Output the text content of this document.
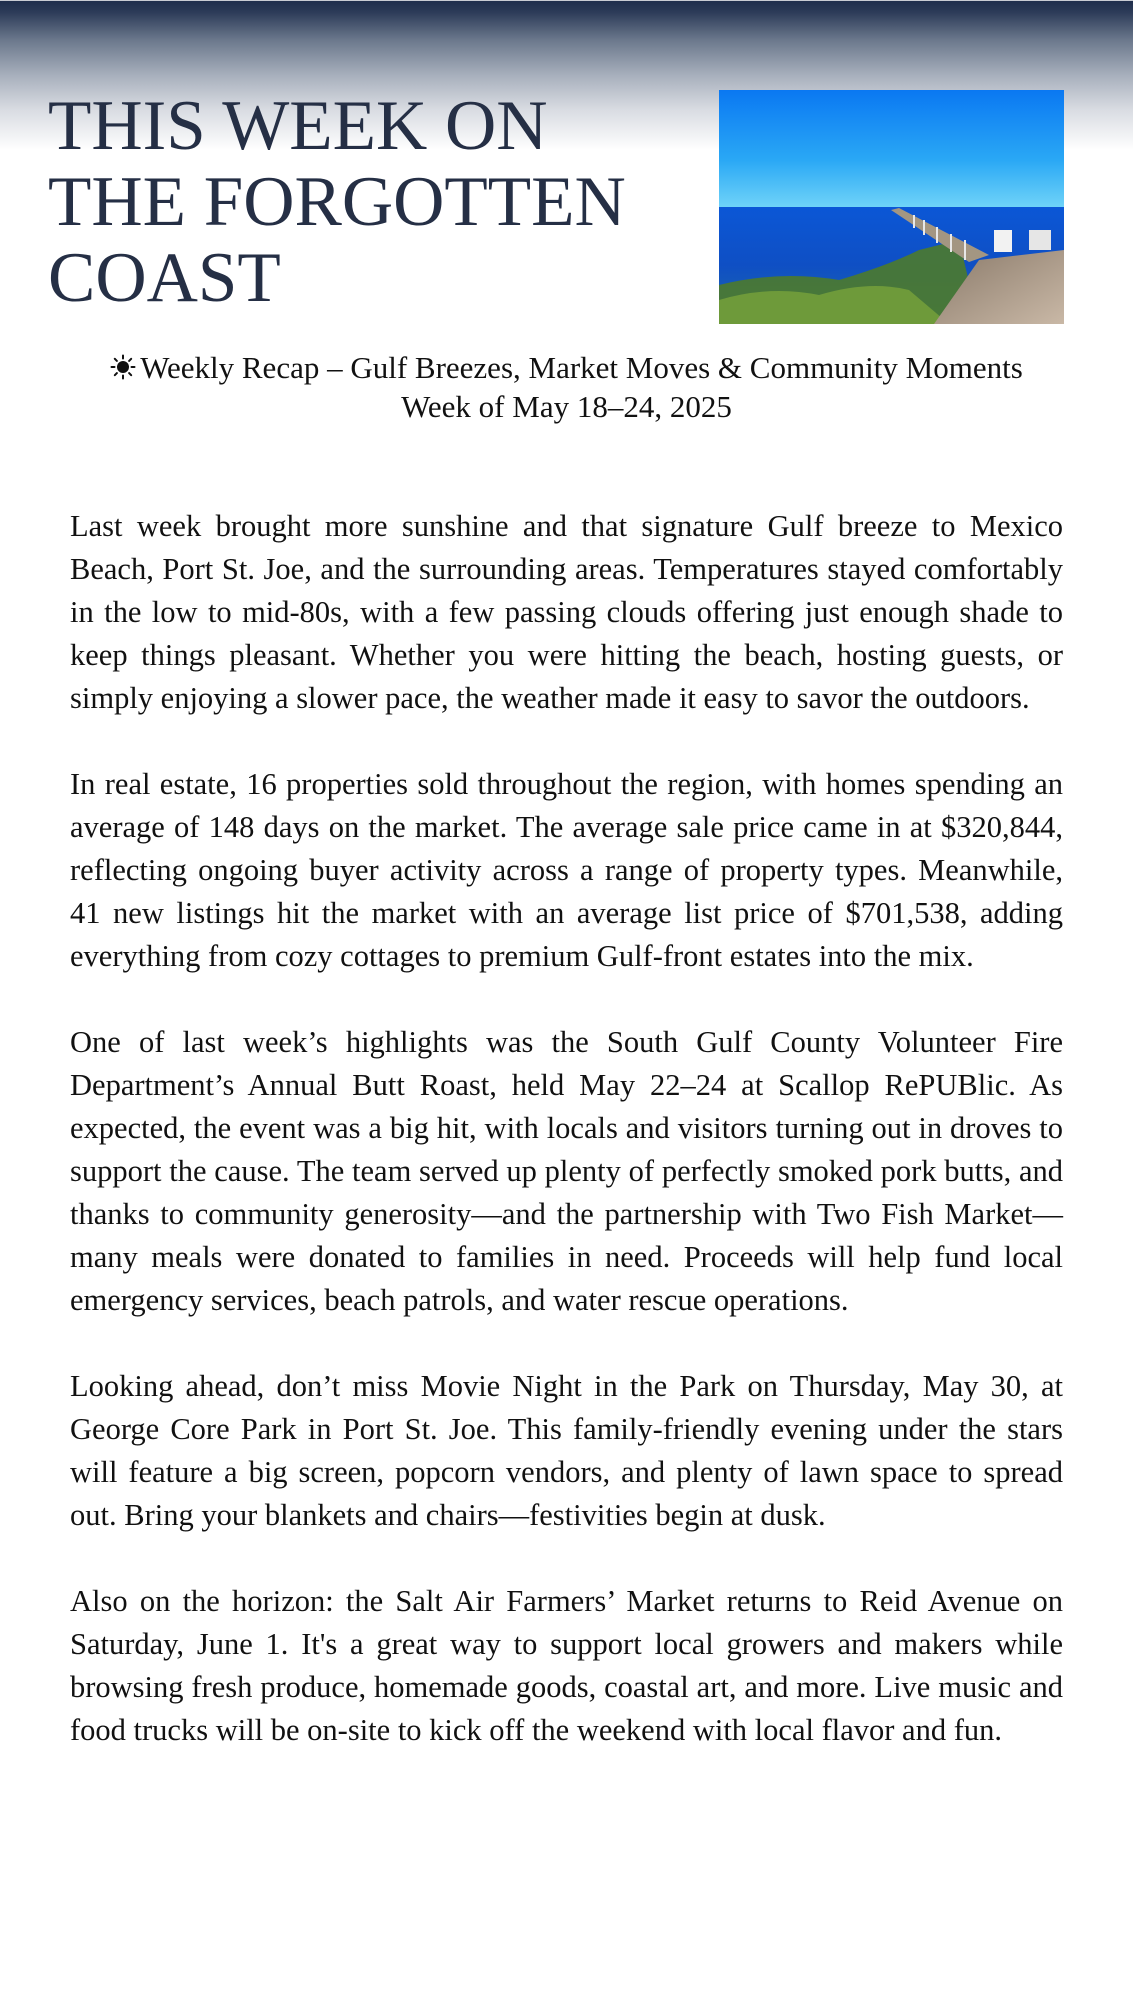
THIS WEEK ON
THE FORGOTTEN
COAST
Weekly Recap – Gulf Breezes, Market Moves & Community Moments
Week of May 18–24, 2025

Last week brought more sunshine and that signature Gulf breeze to Mexico Beach, Port St. Joe, and the surrounding areas. Temperatures stayed comfortably in the low to mid-80s, with a few passing clouds offering just enough shade to keep things pleasant. Whether you were hitting the beach, hosting guests, or simply enjoying a slower pace, the weather made it easy to savor the outdoors.

In real estate, 16 properties sold throughout the region, with homes spending an average of 148 days on the market. The average sale price came in at $320,844, reflecting ongoing buyer activity across a range of property types. Meanwhile, 41 new listings hit the market with an average list price of $701,538, adding everything from cozy cottages to premium Gulf-front estates into the mix.

One of last week’s highlights was the South Gulf County Volunteer Fire Department’s Annual Butt Roast, held May 22–24 at Scallop RePUBlic. As expected, the event was a big hit, with locals and visitors turning out in droves to support the cause. The team served up plenty of perfectly smoked pork butts, and thanks to community generosity—and the partnership with Two Fish Market—many meals were donated to families in need. Proceeds will help fund local emergency services, beach patrols, and water rescue operations.

Looking ahead, don’t miss Movie Night in the Park on Thursday, May 30, at George Core Park in Port St. Joe. This family-friendly evening under the stars will feature a big screen, popcorn vendors, and plenty of lawn space to spread out. Bring your blankets and chairs—festivities begin at dusk.

Also on the horizon: the Salt Air Farmers’ Market returns to Reid Avenue on Saturday, June 1. It's a great way to support local growers and makers while browsing fresh produce, homemade goods, coastal art, and more. Live music and food trucks will be on-site to kick off the weekend with local flavor and fun.
